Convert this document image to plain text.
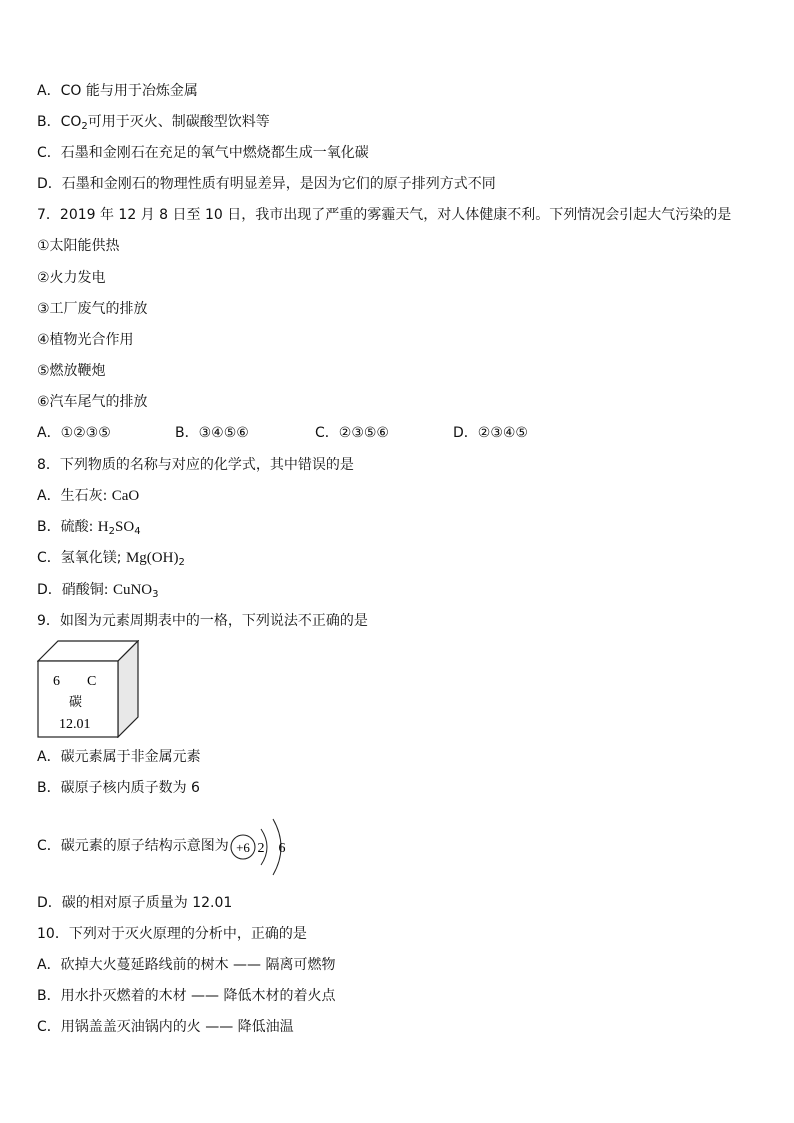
A．CO 能与用于冶炼金属
B．$CO_2$可用于灭火、制碳酸型饮料等
C．石墨和金刚石在充足的氧气中燃烧都生成一氧化碳
D．石墨和金刚石的物理性质有明显差异，是因为它们的原子排列方式不同
7．2019 年 12 月 8 日至 10 日，我市出现了严重的雾霾天气，对人体健康不利。下列情况会引起大气污染的是
①太阳能供热
②火力发电
③工厂废气的排放
④植物光合作用
⑤燃放鞭炮
⑥汽车尾气的排放
A．①②③⑤	B．③④⑤⑥	C．②③⑤⑥	D．②③④⑤
8．下列物质的名称与对应的化学式，其中错误的是
A．生石灰: CaO
B．硫酸: $H_2SO_4$
C．氢氧化镁; $Mg(OH)_2$
D．硝酸铜: CuNO$_3$
9．如图为元素周期表中的一格，下列说法不正确的是
6 C
碳
12.01
A．碳元素属于非金属元素
B．碳原子核内质子数为 6
C．碳元素的原子结构示意图为 +6 2 6
D．碳的相对原子质量为 12.01
10．下列对于灭火原理的分析中，正确的是
A．砍掉大火蔓延路线前的树木 —— 隔离可燃物
B．用水扑灭燃着的木材 —— 降低木材的着火点
C．用锅盖盖灭油锅内的火 —— 降低油温
